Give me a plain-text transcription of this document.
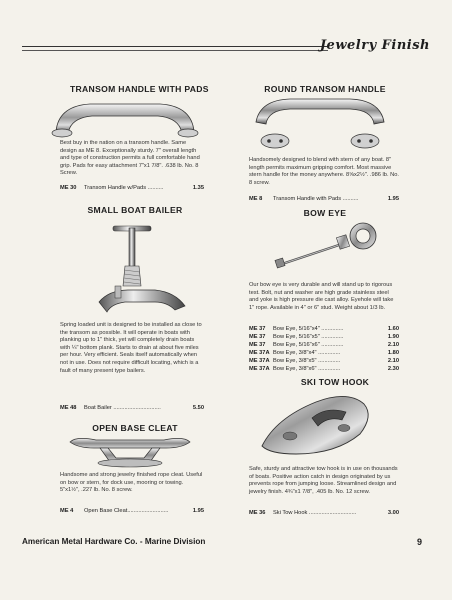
Jewelry Finish
TRANSOM HANDLE WITH PADS
Best buy in the nation on a transom handle. Same design as ME 8. Exceptionally sturdy. 7" overall length and type of construction permits a full comfortable hand grip. Pads for easy attachment 7"x1 7/8". .638 lb. No. 8 Screw.
ME 30	Transom Handle w/Pads ..........	1.35
SMALL BOAT BAILER
Spring loaded unit is designed to be installed as close to the transom as possible. It will operate in boats with planking up to 1" thick, yet will completely drain boats with ¼" bottom plank. Starts to drain at about five miles per hour. Very efficient. Seals itself automatically when not in use. Does not require difficult locating, which is a fault of many present type bailers.
ME 48	Boat Bailer ..............................	5.50
OPEN BASE CLEAT
Handsome and strong jewelry finished rope cleat. Useful on bow or stern, for dock use, mooring or towing. 5"x1½", .227 lb. No. 8 screw.
ME 4	Open Base Cleat..........................	1.95
ROUND TRANSOM HANDLE
Handsomely designed to blend with stern of any boat. 8" length permits maximum gripping comfort. Most massive stern handle for the money anywhere. 8⅝x2½". .986 lb. No. 8 screw.
ME 8	Transom Handle with Pads ..........	1.95
BOW EYE
Our bow eye is very durable and will stand up to rigorous test. Bolt, nut and washer are high grade stainless steel and yoke is high pressure die cast alloy. Eyehole will take 1" rope. Available in 4" or 6" stud. Weight about 1/3 lb.
ME 37	Bow Eye, 5/16"x4" ..............	1.60
ME 37	Bow Eye, 5/16"x5" ..............	1.90
ME 37	Bow Eye, 5/16"x6" ..............	2.10
ME 37A Bow Eye, 3/8"x4" ..............	1.80
ME 37A Bow Eye, 3/8"x5" ..............	2.10
ME 37A Bow Eye, 3/8"x6" ..............	2.30
SKI TOW HOOK
Safe, sturdy and attractive tow hook is in use on thousands of boats. Positive action catch in design originated by us prevents rope from jumping loose. Streamlined design and jewelry finish. 4¾"x1 7/8", .405 lb. No. 12 screw.
ME 36	Ski Tow Hook ..............................	3.00
American Metal Hardware Co. - Marine Division	9
